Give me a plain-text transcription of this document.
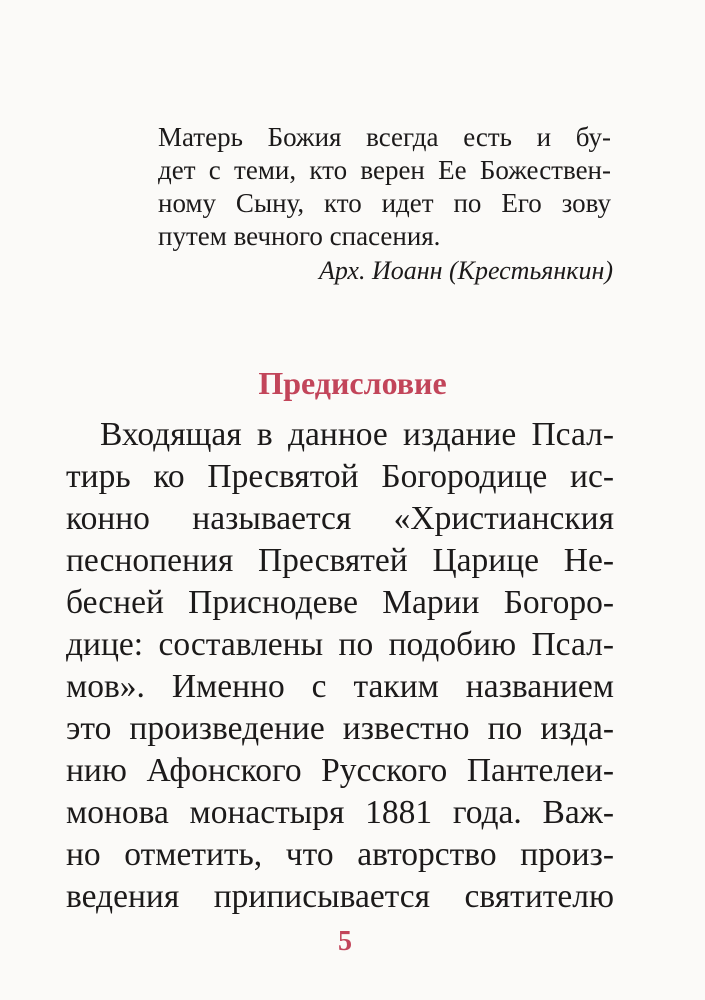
Матерь Божия всегда есть и бу-
дет с теми, кто верен Ее Божествен-
ному Сыну, кто идет по Его зову
путем вечного спасения.
Арх. Иоанн (Крестьянкин)
Предисловие
Входящая в данное издание Псал-
тирь ко Пресвятой Богородице ис-
конно называется «Христианския
песнопения Пресвятей Царице Не-
бесней Приснодеве Марии Богоро-
дице: составлены по подобию Псал-
мов». Именно с таким названием
это произведение известно по изда-
нию Афонского Русского Пантелеи-
монова монастыря 1881 года. Важ-
но отметить, что авторство произ-
ведения приписывается святителю
5
